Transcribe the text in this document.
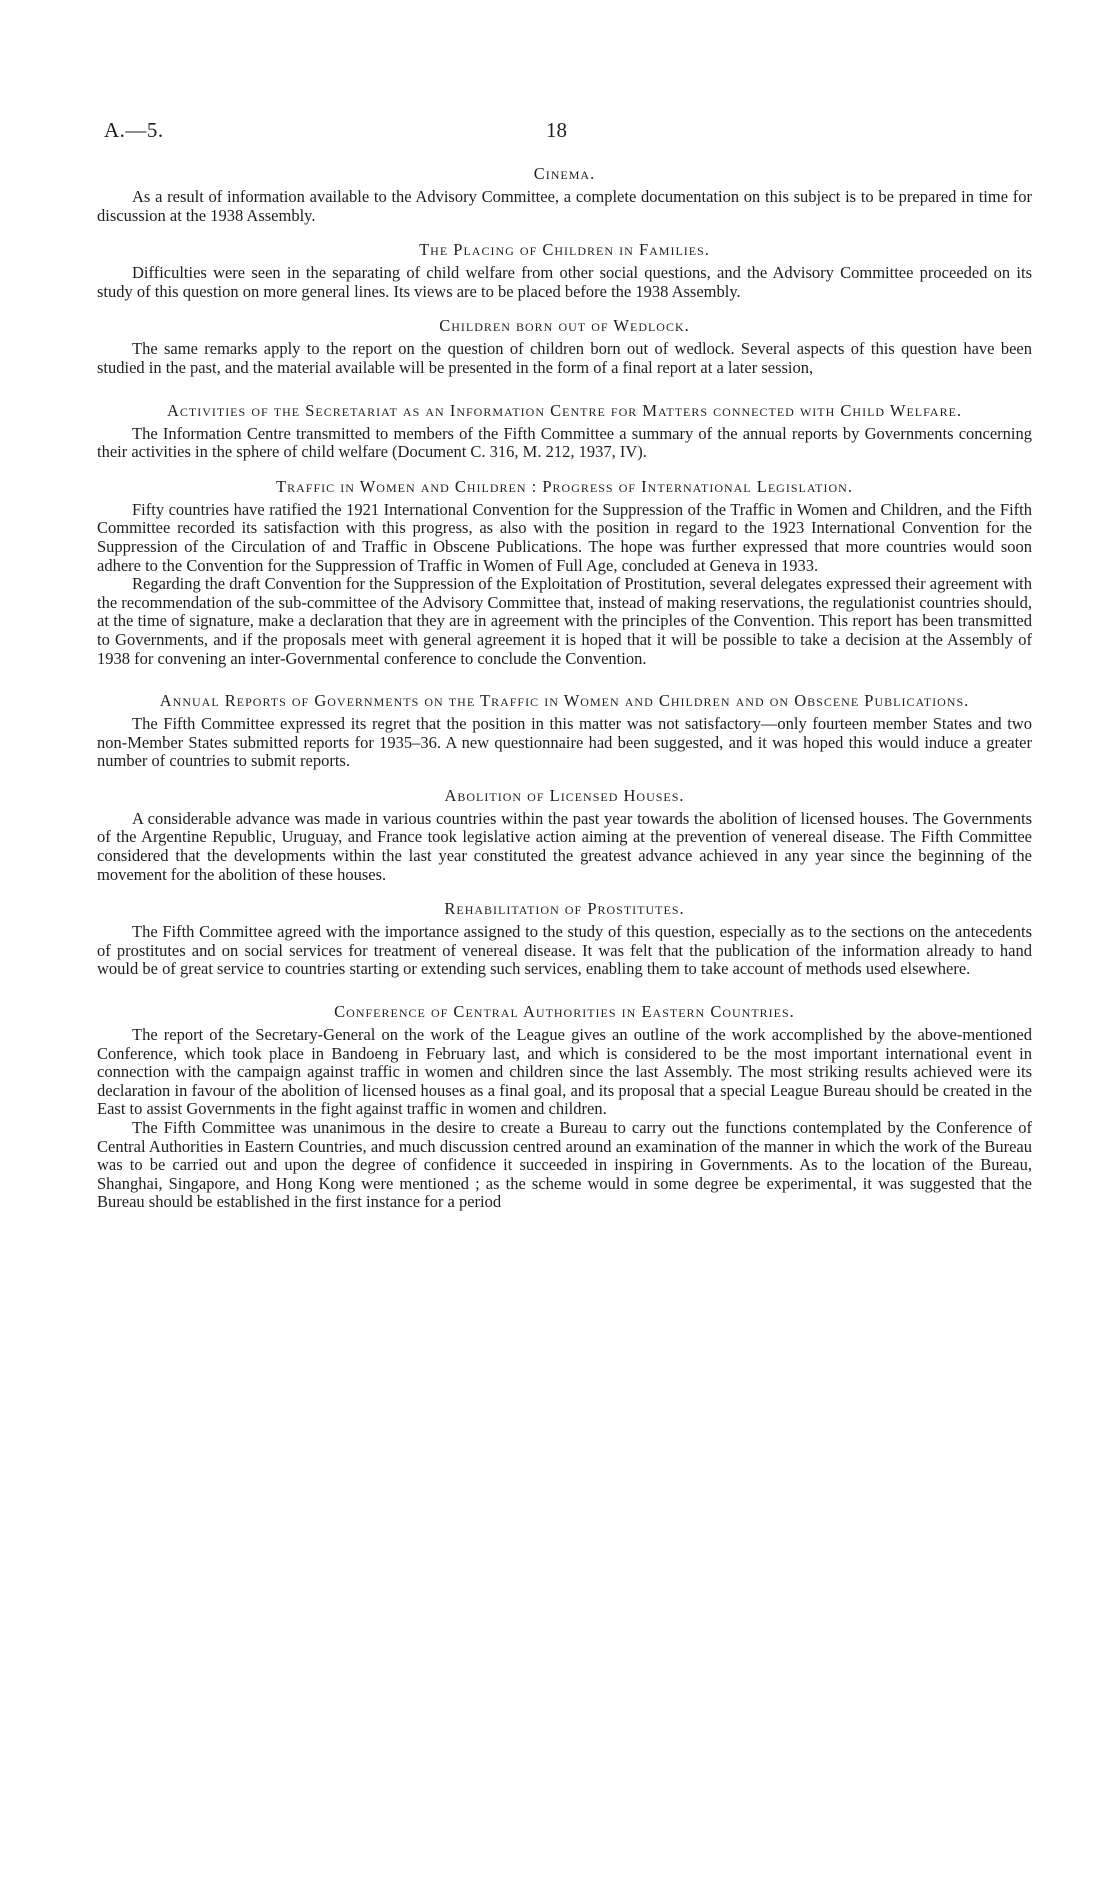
A.—5.	18
Cinema.

As a result of information available to the Advisory Committee, a complete documentation on this subject is to be prepared in time for discussion at the 1938 Assembly.

The Placing of Children in Families.

Difficulties were seen in the separating of child welfare from other social questions, and the Advisory Committee proceeded on its study of this question on more general lines. Its views are to be placed before the 1938 Assembly.

Children born out of Wedlock.

The same remarks apply to the report on the question of children born out of wedlock. Several aspects of this question have been studied in the past, and the material available will be presented in the form of a final report at a later session,

Activities of the Secretariat as an Information Centre for Matters connected with Child Welfare.

The Information Centre transmitted to members of the Fifth Committee a summary of the annual reports by Governments concerning their activities in the sphere of child welfare (Document C. 316, M. 212, 1937, IV).

Traffic in Women and Children : Progress of International Legislation.

Fifty countries have ratified the 1921 International Convention for the Suppression of the Traffic in Women and Children, and the Fifth Committee recorded its satisfaction with this progress, as also with the position in regard to the 1923 International Convention for the Suppression of the Circulation of and Traffic in Obscene Publications. The hope was further expressed that more countries would soon adhere to the Convention for the Suppression of Traffic in Women of Full Age, concluded at Geneva in 1933.

Regarding the draft Convention for the Suppression of the Exploitation of Prostitution, several delegates expressed their agreement with the recommendation of the sub-committee of the Advisory Committee that, instead of making reservations, the regulationist countries should, at the time of signature, make a declaration that they are in agreement with the principles of the Convention. This report has been transmitted to Governments, and if the proposals meet with general agreement it is hoped that it will be possible to take a decision at the Assembly of 1938 for convening an inter-Governmental conference to conclude the Convention.

Annual Reports of Governments on the Traffic in Women and Children and on Obscene Publications.

The Fifth Committee expressed its regret that the position in this matter was not satisfactory—only fourteen member States and two non-Member States submitted reports for 1935–36. A new questionnaire had been suggested, and it was hoped this would induce a greater number of countries to submit reports.

Abolition of Licensed Houses.

A considerable advance was made in various countries within the past year towards the abolition of licensed houses. The Governments of the Argentine Republic, Uruguay, and France took legislative action aiming at the prevention of venereal disease. The Fifth Committee considered that the developments within the last year constituted the greatest advance achieved in any year since the beginning of the movement for the abolition of these houses.

Rehabilitation of Prostitutes.

The Fifth Committee agreed with the importance assigned to the study of this question, especially as to the sections on the antecedents of prostitutes and on social services for treatment of venereal disease. It was felt that the publication of the information already to hand would be of great service to countries starting or extending such services, enabling them to take account of methods used elsewhere.

Conference of Central Authorities in Eastern Countries.

The report of the Secretary-General on the work of the League gives an outline of the work accomplished by the above-mentioned Conference, which took place in Bandoeng in February last, and which is considered to be the most important international event in connection with the campaign against traffic in women and children since the last Assembly. The most striking results achieved were its declaration in favour of the abolition of licensed houses as a final goal, and its proposal that a special League Bureau should be created in the East to assist Governments in the fight against traffic in women and children.

The Fifth Committee was unanimous in the desire to create a Bureau to carry out the functions contemplated by the Conference of Central Authorities in Eastern Countries, and much discussion centred around an examination of the manner in which the work of the Bureau was to be carried out and upon the degree of confidence it succeeded in inspiring in Governments. As to the location of the Bureau, Shanghai, Singapore, and Hong Kong were mentioned ; as the scheme would in some degree be experimental, it was suggested that the Bureau should be established in the first instance for a period
